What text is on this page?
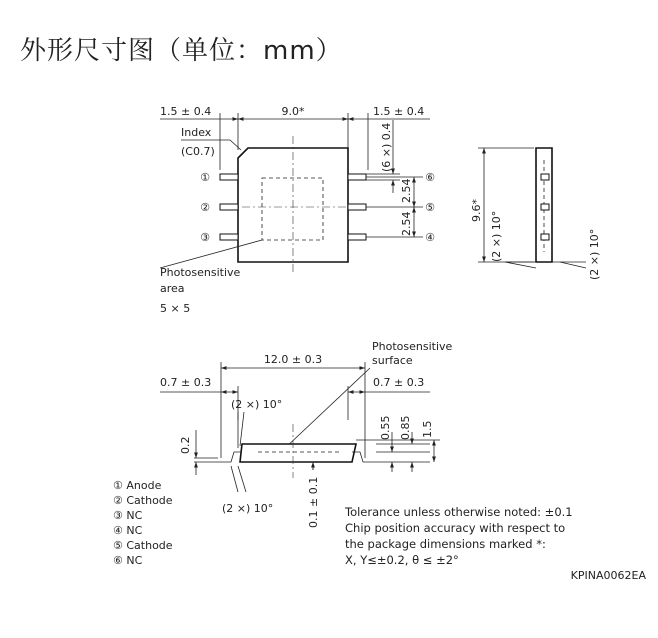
外形尺寸图（单位：mm）
1.5 ± 0.4	9.0*	1.5 ± 0.4
Index
(C0.7)
①
②
③
⑥
⑤
④
(6 ×) 0.4
2.54
2.54
Photosensitive
area
5 × 5
9.6*
(2 ×) 10°	(2 ×) 10°
12.0 ± 0.3
Photosensitive
surface
0.7 ± 0.3	0.7 ± 0.3
(2 ×) 10°
0.2
0.55 0.85 1.5
0.1 ± 0.1
(2 ×) 10°
① Anode
② Cathode
③ NC
④ NC
⑤ Cathode
⑥ NC
Tolerance unless otherwise noted: ±0.1
Chip position accuracy with respect to
the package dimensions marked *:
X, Y≤±0.2, θ ≤ ±2°
KPINA0062EA
